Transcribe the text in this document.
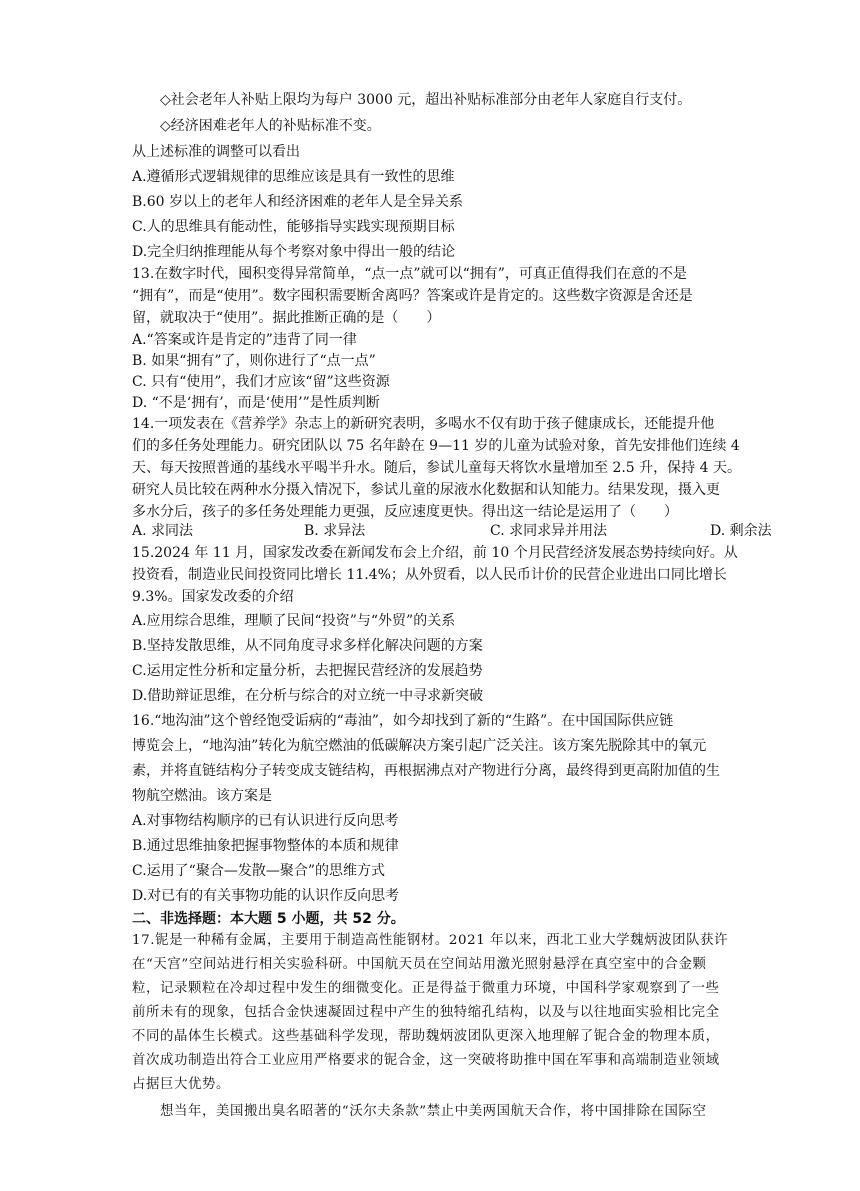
◇社会老年人补贴上限均为每户 3000 元，超出补贴标准部分由老年人家庭自行支付。
◇经济困难老年人的补贴标准不变。
从上述标准的调整可以看出
A.遵循形式逻辑规律的思维应该是具有一致性的思维
B.60 岁以上的老年人和经济困难的老年人是全异关系
C.人的思维具有能动性，能够指导实践实现预期目标
D.完全归纳推理能从每个考察对象中得出一般的结论
13.在数字时代，囤积变得异常简单，“点一点”就可以“拥有”，可真正值得我们在意的不是
“拥有”，而是“使用”。数字囤积需要断舍离吗？答案或许是肯定的。这些数字资源是舍还是
留，就取决于“使用”。据此推断正确的是（　　）
A.“答案或许是肯定的”违背了同一律
B. 如果“拥有”了，则你进行了“点一点”
C. 只有“使用”，我们才应该“留”这些资源
D. “不是‘拥有’，而是‘使用’”是性质判断
14.一项发表在《营养学》杂志上的新研究表明，多喝水不仅有助于孩子健康成长，还能提升他
们的多任务处理能力。研究团队以 75 名年龄在 9—11 岁的儿童为试验对象，首先安排他们连续 4
天、每天按照普通的基线水平喝半升水。随后，参试儿童每天将饮水量增加至 2.5 升，保持 4 天。
研究人员比较在两种水分摄入情况下，参试儿童的尿液水化数据和认知能力。结果发现，摄入更
多水分后，孩子的多任务处理能力更强，反应速度更快。得出这一结论是运用了（　　）
A. 求同法	B. 求异法	C. 求同求异并用法	D. 剩余法
15.2024 年 11 月，国家发改委在新闻发布会上介绍，前 10 个月民营经济发展态势持续向好。从
投资看，制造业民间投资同比增长 11.4%；从外贸看，以人民币计价的民营企业进出口同比增长
9.3%。国家发改委的介绍
A.应用综合思维，理顺了民间“投资”与“外贸”的关系
B.坚持发散思维，从不同角度寻求多样化解决问题的方案
C.运用定性分析和定量分析，去把握民营经济的发展趋势
D.借助辩证思维，在分析与综合的对立统一中寻求新突破
16.“地沟油”这个曾经饱受诟病的“毒油”，如今却找到了新的“生路”。在中国国际供应链
博览会上，“地沟油”转化为航空燃油的低碳解决方案引起广泛关注。该方案先脱除其中的氧元
素，并将直链结构分子转变成支链结构，再根据沸点对产物进行分离，最终得到更高附加值的生
物航空燃油。该方案是
A.对事物结构顺序的已有认识进行反向思考
B.通过思维抽象把握事物整体的本质和规律
C.运用了“聚合—发散—聚合”的思维方式
D.对已有的有关事物功能的认识作反向思考
二、非选择题：本大题 5 小题，共 52 分。
17.铌是一种稀有金属，主要用于制造高性能钢材。2021 年以来，西北工业大学魏炳波团队获许
在“天宫”空间站进行相关实验科研。中国航天员在空间站用激光照射悬浮在真空室中的合金颗
粒，记录颗粒在冷却过程中发生的细微变化。正是得益于微重力环境，中国科学家观察到了一些
前所未有的现象，包括合金快速凝固过程中产生的独特缩孔结构，以及与以往地面实验相比完全
不同的晶体生长模式。这些基础科学发现，帮助魏炳波团队更深入地理解了铌合金的物理本质，
首次成功制造出符合工业应用严格要求的铌合金，这一突破将助推中国在军事和高端制造业领域
占据巨大优势。
想当年，美国搬出臭名昭著的“沃尔夫条款”禁止中美两国航天合作，将中国排除在国际空
